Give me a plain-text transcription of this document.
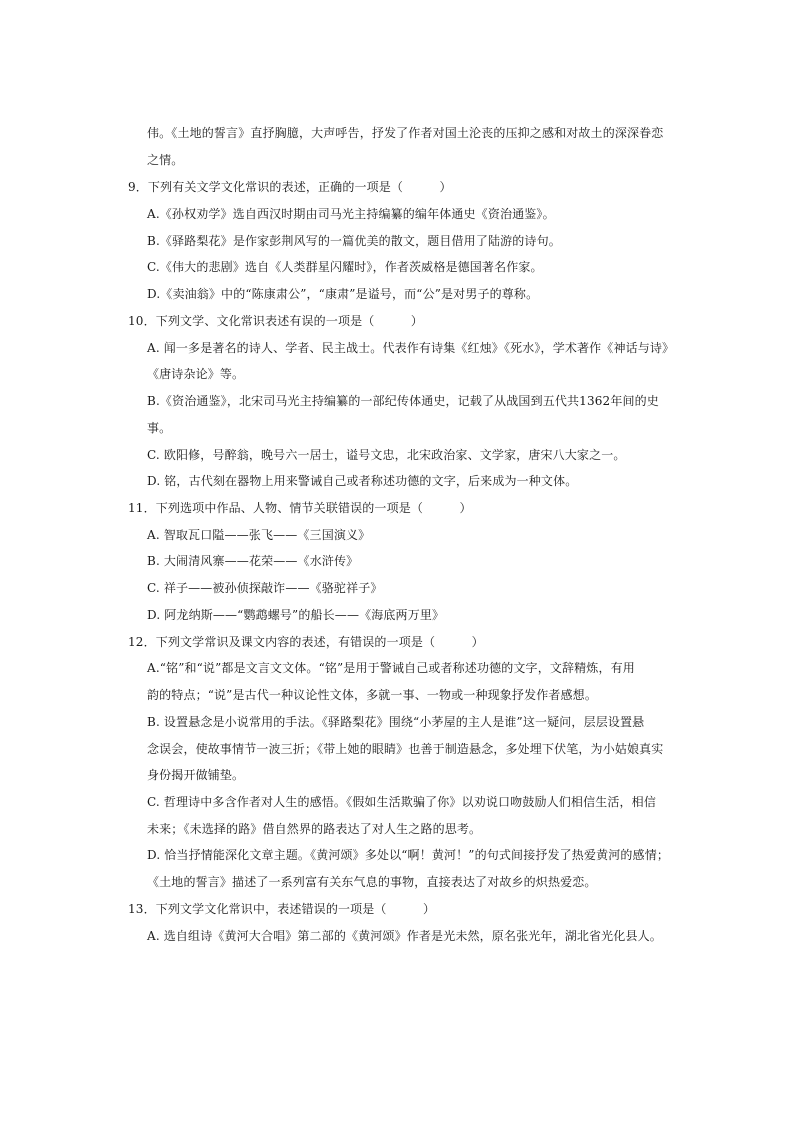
伟。《土地的誓言》直抒胸臆，大声呼告，抒发了作者对国土沦丧的压抑之感和对故土的深深眷恋
之情。
9．下列有关文学文化常识的表述，正确的一项是（　　　）
A.《孙权劝学》选自西汉时期由司马光主持编纂的编年体通史《资治通鉴》。
B.《驿路梨花》是作家彭荆风写的一篇优美的散文，题目借用了陆游的诗句。
C.《伟大的悲剧》选自《人类群星闪耀时》，作者茨威格是德国著名作家。
D.《卖油翁》中的“陈康肃公”，“康肃”是谥号，而“公”是对男子的尊称。
10．下列文学、文化常识表述有误的一项是（　　　）
A. 闻一多是著名的诗人、学者、民主战士。代表作有诗集《红烛》《死水》，学术著作《神话与诗》
《唐诗杂论》等。
B.《资治通鉴》，北宋司马光主持编纂的一部纪传体通史，记载了从战国到五代共1362年间的史
事。
C. 欧阳修，号醉翁，晚号六一居士，谥号文忠，北宋政治家、文学家，唐宋八大家之一。
D. 铭，古代刻在器物上用来警诫自己或者称述功德的文字，后来成为一种文体。
11．下列选项中作品、人物、情节关联错误的一项是（　　　）
A. 智取瓦口隘——张飞——《三国演义》
B. 大闹清风寨——花荣——《水浒传》
C. 祥子——被孙侦探敲诈——《骆驼祥子》
D. 阿龙纳斯——“鹦鹉螺号”的船长——《海底两万里》
12．下列文学常识及课文内容的表述，有错误的一项是（　　　）
A.“铭”和“说”都是文言文文体。“铭”是用于警诫自己或者称述功德的文字，文辞精炼，有用
韵的特点；“说”是古代一种议论性文体，多就一事、一物或一种现象抒发作者感想。
B. 设置悬念是小说常用的手法。《驿路梨花》围绕“小茅屋的主人是谁”这一疑问，层层设置悬
念误会，使故事情节一波三折；《带上她的眼睛》也善于制造悬念，多处埋下伏笔，为小姑娘真实
身份揭开做铺垫。
C. 哲理诗中多含作者对人生的感悟。《假如生活欺骗了你》以劝说口吻鼓励人们相信生活，相信
未来；《未选择的路》借自然界的路表达了对人生之路的思考。
D. 恰当抒情能深化文章主题。《黄河颂》多处以“啊！黄河！”的句式间接抒发了热爱黄河的感情；
《土地的誓言》描述了一系列富有关东气息的事物，直接表达了对故乡的炽热爱恋。
13．下列文学文化常识中，表述错误的一项是（　　　）
A. 选自组诗《黄河大合唱》第二部的《黄河颂》作者是光未然，原名张光年，湖北省光化县人。
